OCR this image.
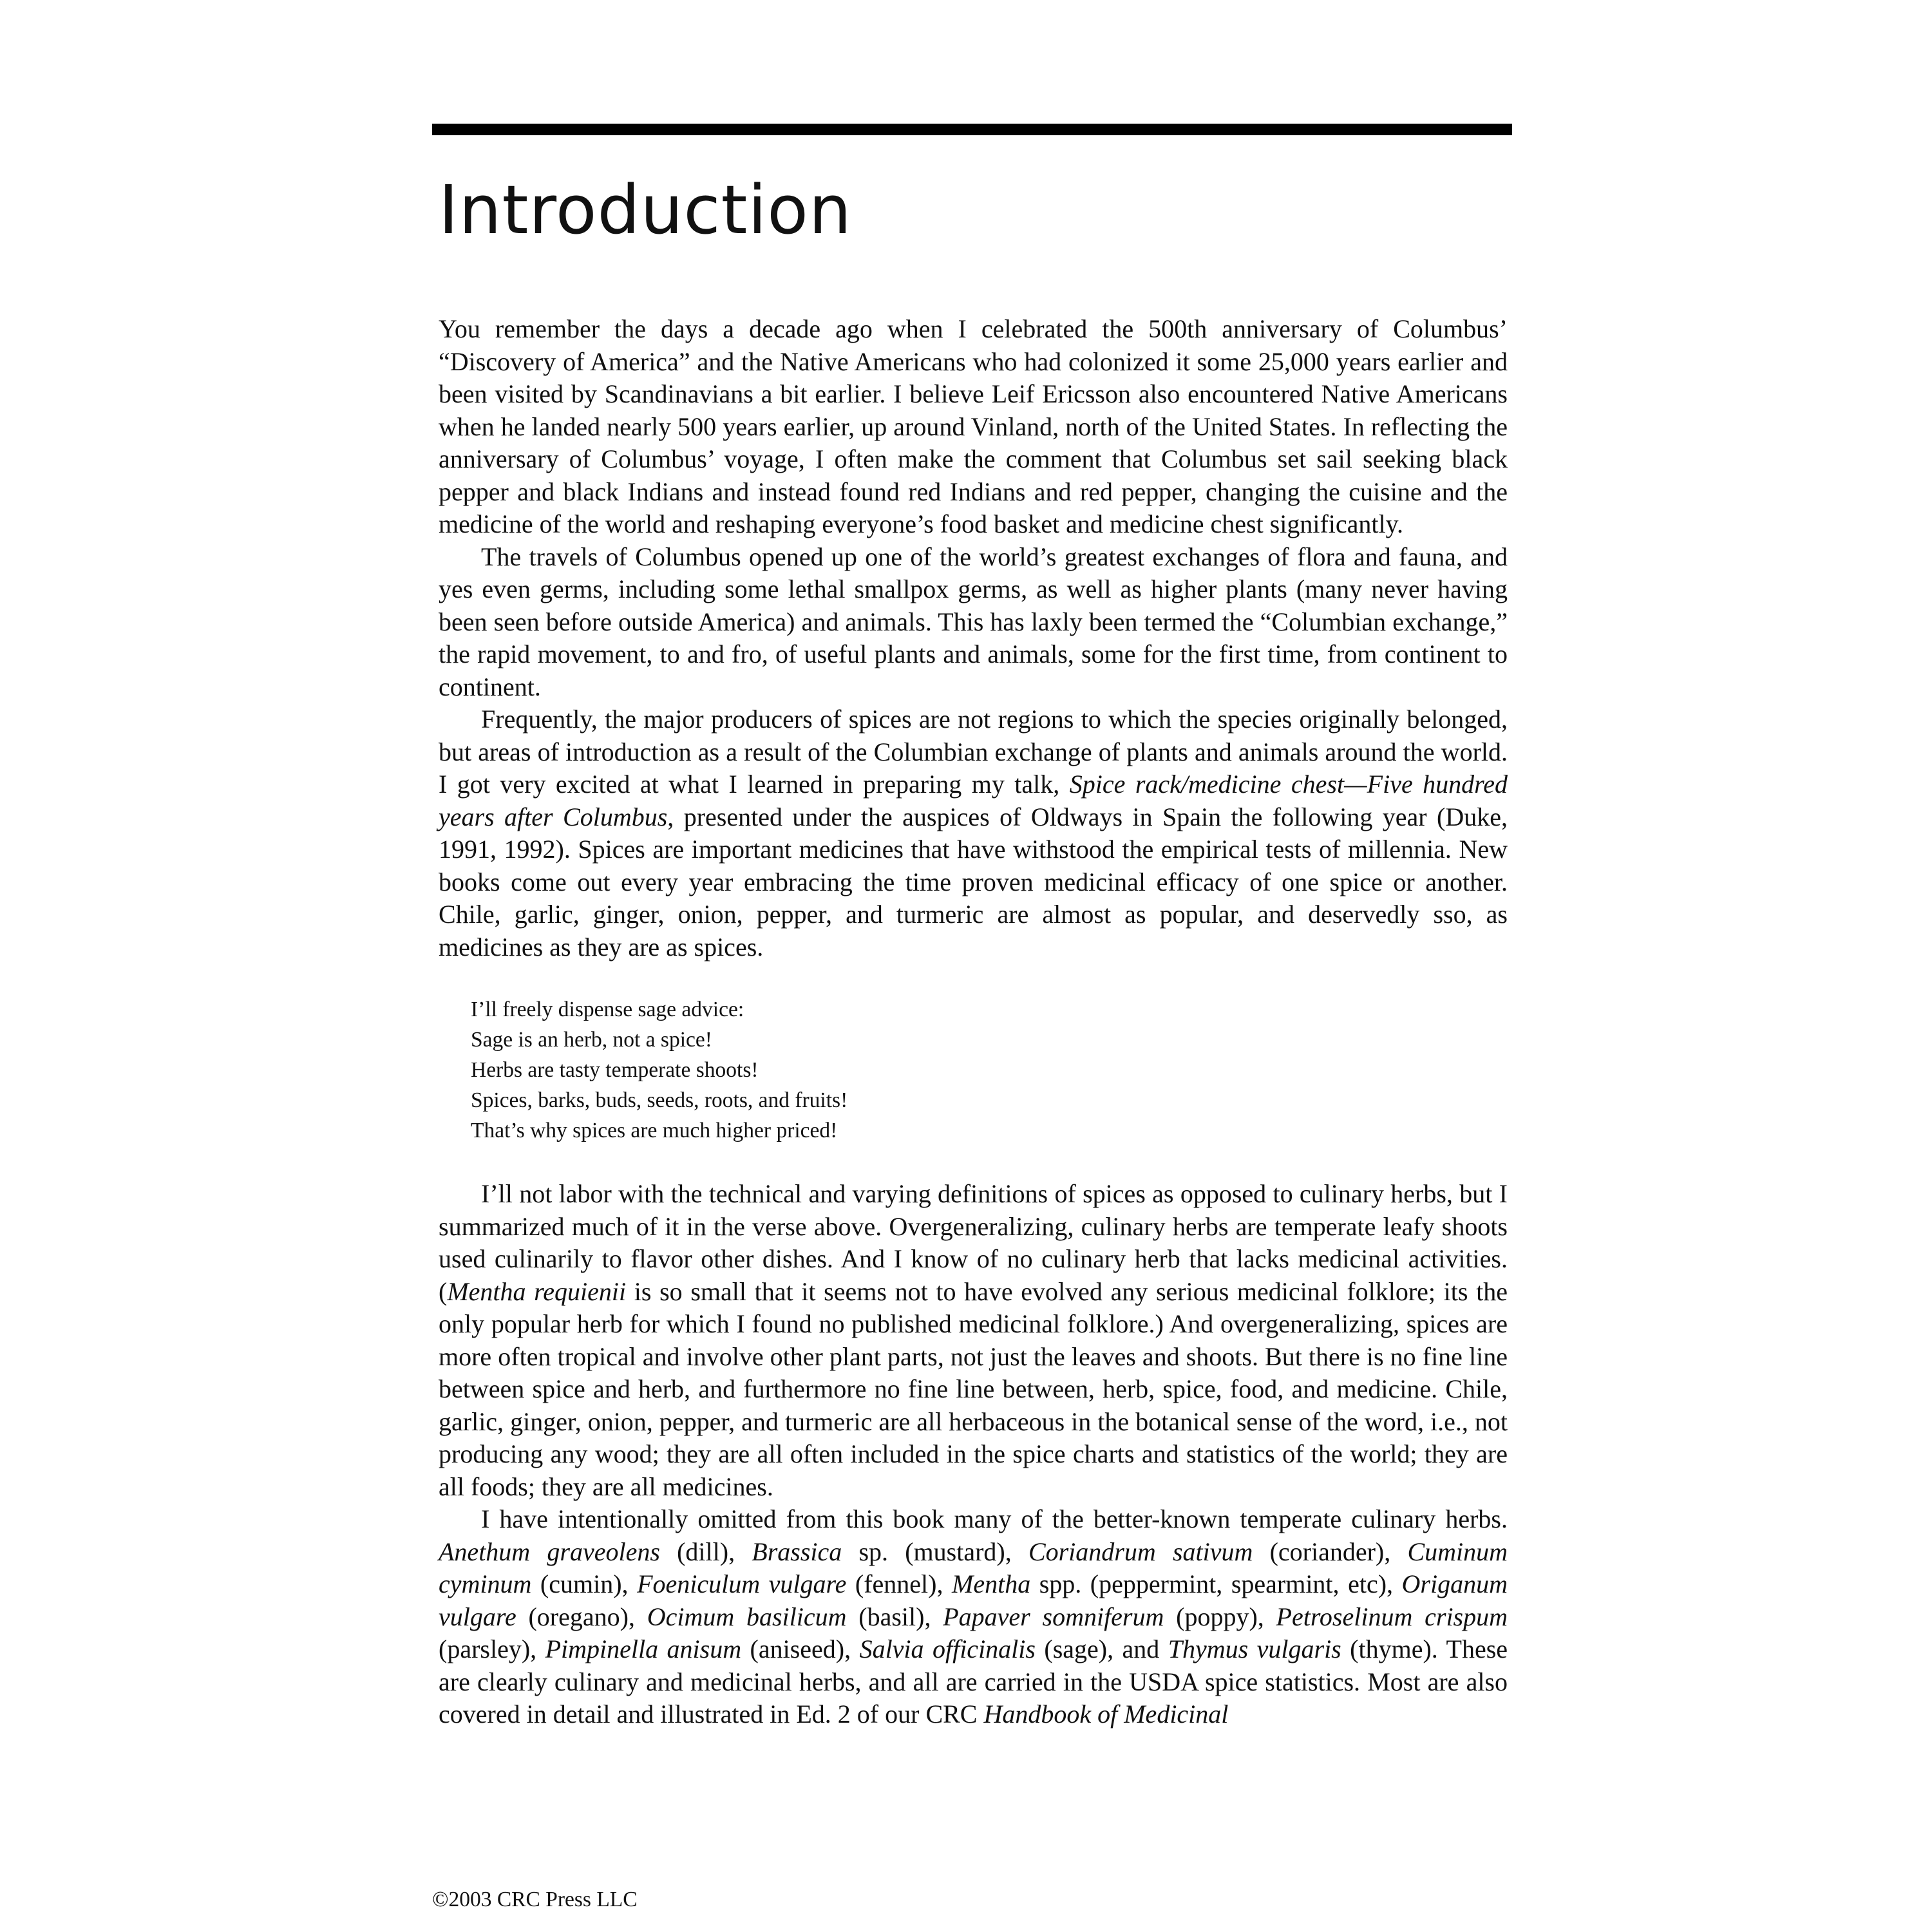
Introduction

You remember the days a decade ago when I celebrated the 500th anniversary of Columbus’ “Discovery of America” and the Native Americans who had colonized it some 25,000 years earlier and been visited by Scandinavians a bit earlier. I believe Leif Ericsson also encountered Native Americans when he landed nearly 500 years earlier, up around Vinland, north of the United States. In reflecting the anniversary of Columbus’ voyage, I often make the comment that Columbus set sail seeking black pepper and black Indians and instead found red Indians and red pepper, changing the cuisine and the medicine of the world and reshaping everyone’s food basket and medicine chest significantly.

The travels of Columbus opened up one of the world’s greatest exchanges of flora and fauna, and yes even germs, including some lethal smallpox germs, as well as higher plants (many never having been seen before outside America) and animals. This has laxly been termed the “Columbian exchange,” the rapid movement, to and fro, of useful plants and animals, some for the first time, from continent to continent.

Frequently, the major producers of spices are not regions to which the species originally belonged, but areas of introduction as a result of the Columbian exchange of plants and animals around the world. I got very excited at what I learned in preparing my talk, Spice rack/medicine chest—Five hundred years after Columbus, presented under the auspices of Oldways in Spain the following year (Duke, 1991, 1992). Spices are important medicines that have withstood the empirical tests of millennia. New books come out every year embracing the time proven medicinal efficacy of one spice or another. Chile, garlic, ginger, onion, pepper, and turmeric are almost as popular, and deservedly sso, as medicines as they are as spices.

I’ll freely dispense sage advice:
Sage is an herb, not a spice!
Herbs are tasty temperate shoots!
Spices, barks, buds, seeds, roots, and fruits!
That’s why spices are much higher priced!

I’ll not labor with the technical and varying definitions of spices as opposed to culinary herbs, but I summarized much of it in the verse above. Overgeneralizing, culinary herbs are temperate leafy shoots used culinarily to flavor other dishes. And I know of no culinary herb that lacks medicinal activities. (Mentha requienii is so small that it seems not to have evolved any serious medicinal folklore; its the only popular herb for which I found no published medicinal folklore.) And overgeneralizing, spices are more often tropical and involve other plant parts, not just the leaves and shoots. But there is no fine line between spice and herb, and furthermore no fine line between, herb, spice, food, and medicine. Chile, garlic, ginger, onion, pepper, and turmeric are all herbaceous in the botanical sense of the word, i.e., not producing any wood; they are all often included in the spice charts and statistics of the world; they are all foods; they are all medicines.

I have intentionally omitted from this book many of the better-known temperate culinary herbs. Anethum graveolens (dill), Brassica sp. (mustard), Coriandrum sativum (coriander), Cuminum cyminum (cumin), Foeniculum vulgare (fennel), Mentha spp. (peppermint, spearmint, etc), Origanum vulgare (oregano), Ocimum basilicum (basil), Papaver somniferum (poppy), Petroselinum crispum (parsley), Pimpinella anisum (aniseed), Salvia officinalis (sage), and Thymus vulgaris (thyme). These are clearly culinary and medicinal herbs, and all are carried in the USDA spice statistics. Most are also covered in detail and illustrated in Ed. 2 of our CRC Handbook of Medicinal

©2003 CRC Press LLC
